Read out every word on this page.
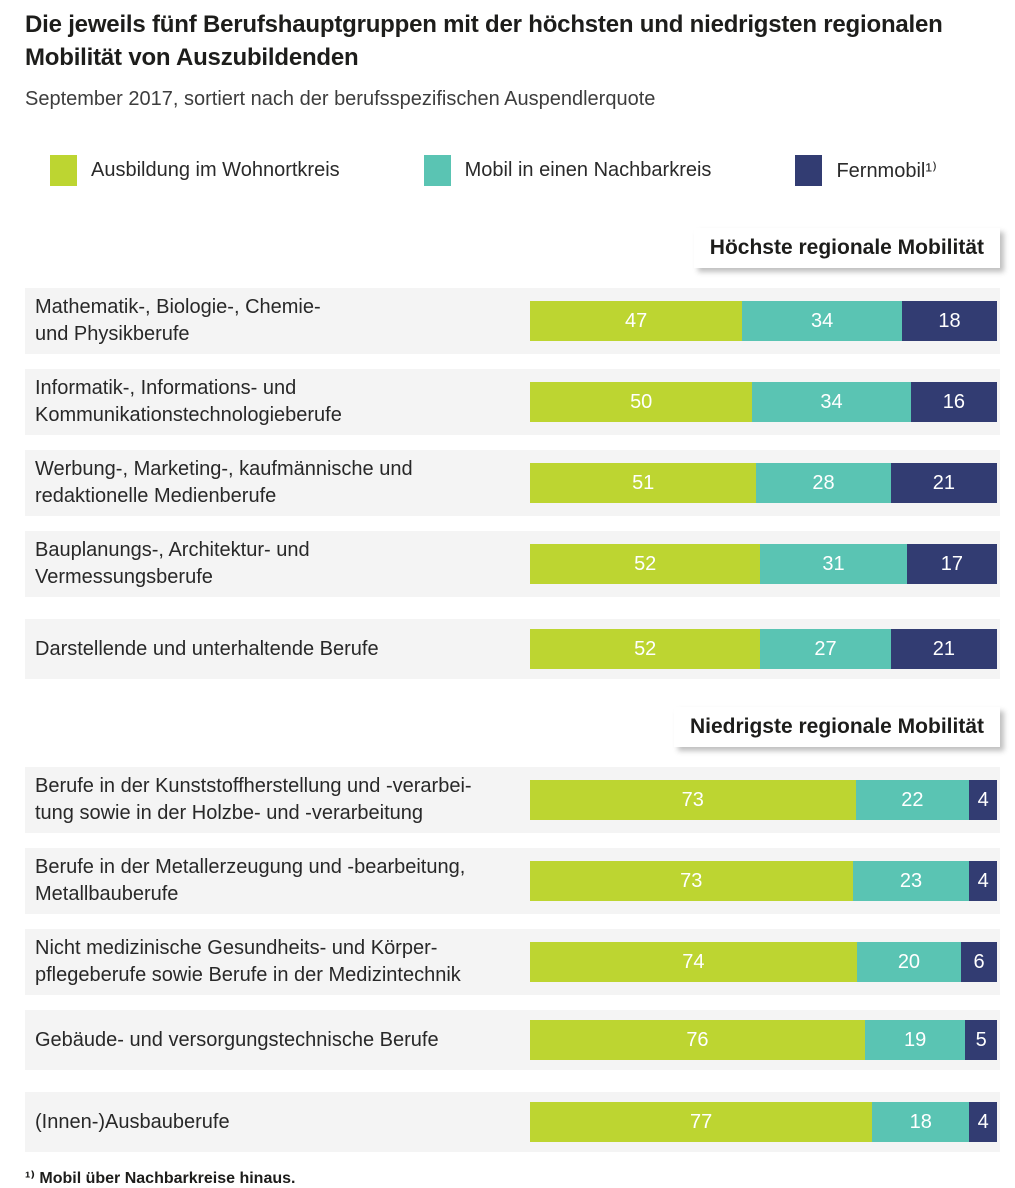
Die jeweils fünf Berufshauptgruppen mit der höchsten und niedrigsten regionalen Mobilität von Auszubildenden

September 2017, sortiert nach der berufsspezifischen Auspendlerquote

Ausbildung im Wohnortkreis	Mobil in einen Nachbarkreis	Fernmobil¹⁾
Höchste regionale Mobilität
Mathematik-, Biologie-, Chemie-
und Physikberufe
47	34	18
Informatik-, Informations- und
Kommunikationstechnologieberufe
50	34	16
Werbung-, Marketing-, kaufmännische und
redaktionelle Medienberufe
51	28	21
Bauplanungs-, Architektur- und
Vermessungsberufe
52	31	17
Darstellende und unterhaltende Berufe	52	27	21
Niedrigste regionale Mobilität
Berufe in der Kunststoffherstellung und -verarbei-
tung sowie in der Holzbe- und -verarbeitung
73	22	4
Berufe in der Metallerzeugung und -bearbeitung,
Metallbauberufe
73	23	4
Nicht medizinische Gesundheits- und Körper-
pflegeberufe sowie Berufe in der Medizintechnik
74	20	6
Gebäude- und versorgungstechnische Berufe	76	19 5
(Innen-)Ausbauberufe	77	18 4

¹⁾ Mobil über Nachbarkreise hinaus.
